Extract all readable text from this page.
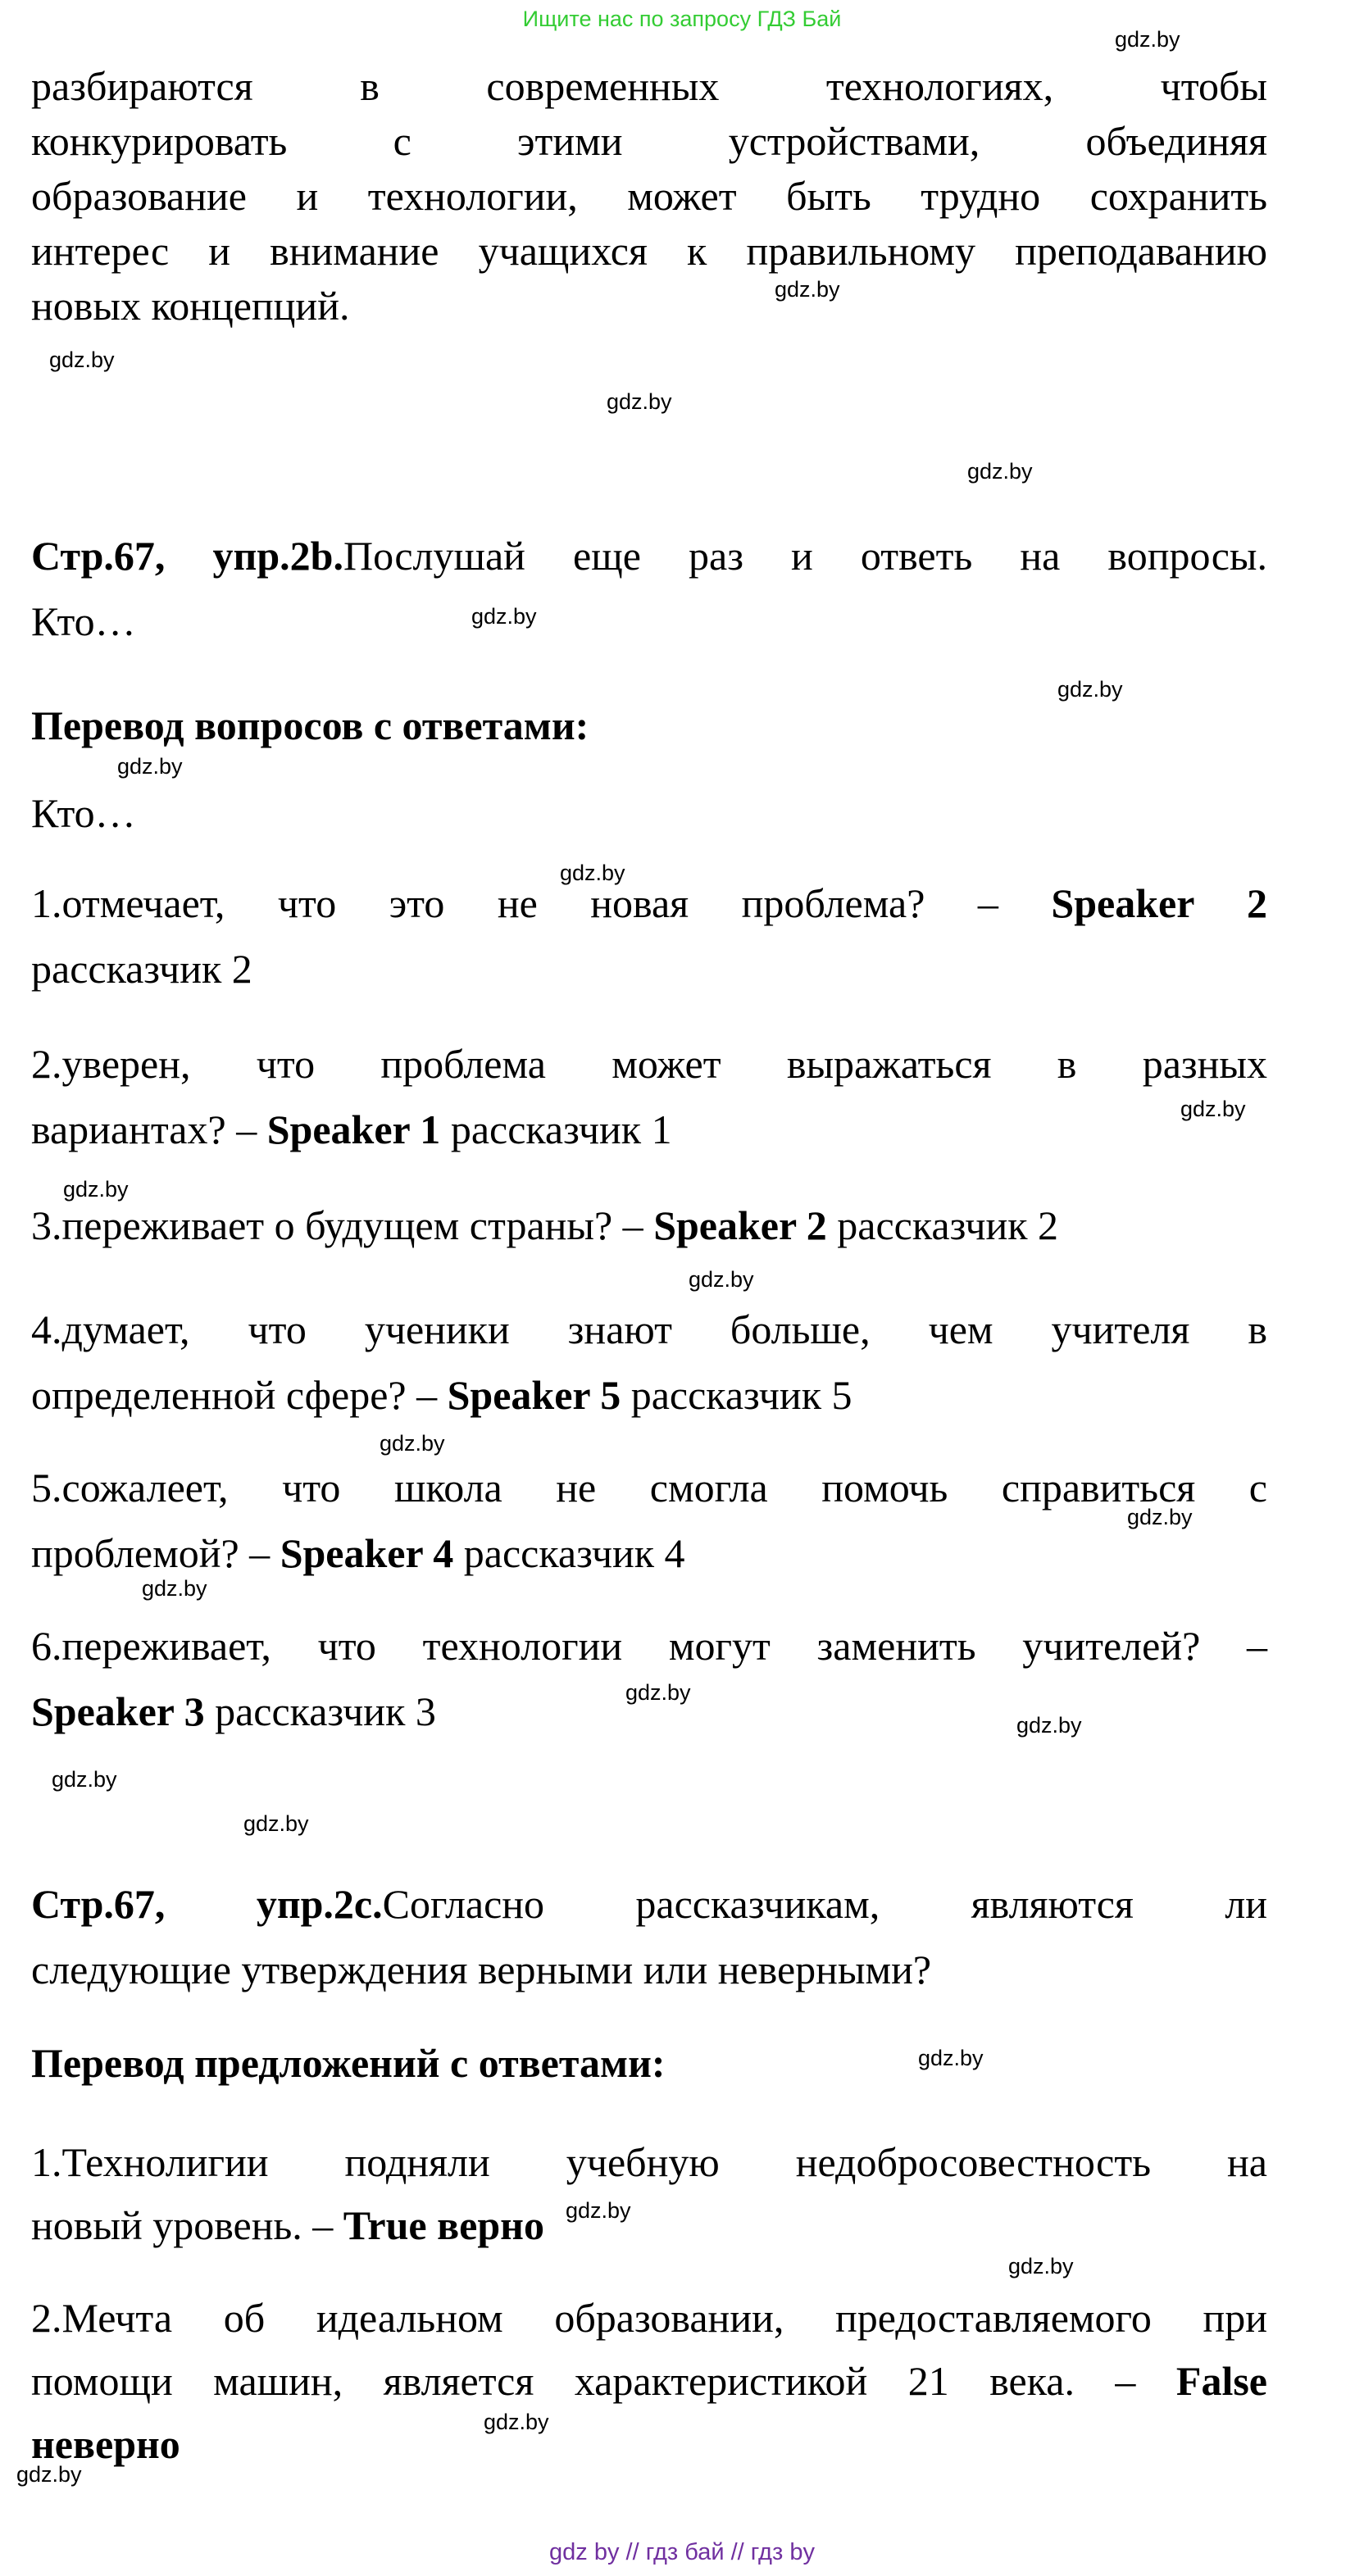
Ищите нас по запросу ГДЗ Бай
разбираются в современных технологиях, чтобы
конкурировать с этими устройствами, объединяя
образование и технологии, может быть трудно сохранить
интерес и внимание учащихся к правильному преподаванию
новых концепций.
Стр.67, упр.2b.Послушай еще раз и ответь на вопросы.
Кто…
Перевод вопросов с ответами:
Кто…
1.отмечает, что это не новая проблема? – Speaker 2
рассказчик 2
2.уверен, что проблема может выражаться в разных
вариантах? – Speaker 1 рассказчик 1
3.переживает о будущем страны? – Speaker 2 рассказчик 2
4.думает, что ученики знают больше, чем учителя в
определенной сфере? – Speaker 5 рассказчик 5
5.сожалеет, что школа не смогла помочь справиться с
проблемой? – Speaker 4 рассказчик 4
6.переживает, что технологии могут заменить учителей? –
Speaker 3 рассказчик 3
Стр.67, упр.2c.Согласно рассказчикам, являются ли
следующие утверждения верными или неверными?
Перевод предложений с ответами:
1.Технолигии подняли учебную недобросовестность на
новый уровень. – True верно
2.Мечта об идеальном образовании, предоставляемого при
помощи машин, является характеристикой 21 века. – False
неверно
gdz.by
gdz.by
gdz.by
gdz.by
gdz.by
gdz.by
gdz.by
gdz.by
gdz.by
gdz.by
gdz.by
gdz.by
gdz.by
gdz.by
gdz.by
gdz.by
gdz.by
gdz.by
gdz.by
gdz.by
gdz.by
gdz.by
gdz.by
gdz.by
gdz by // гдз бай // гдз by
